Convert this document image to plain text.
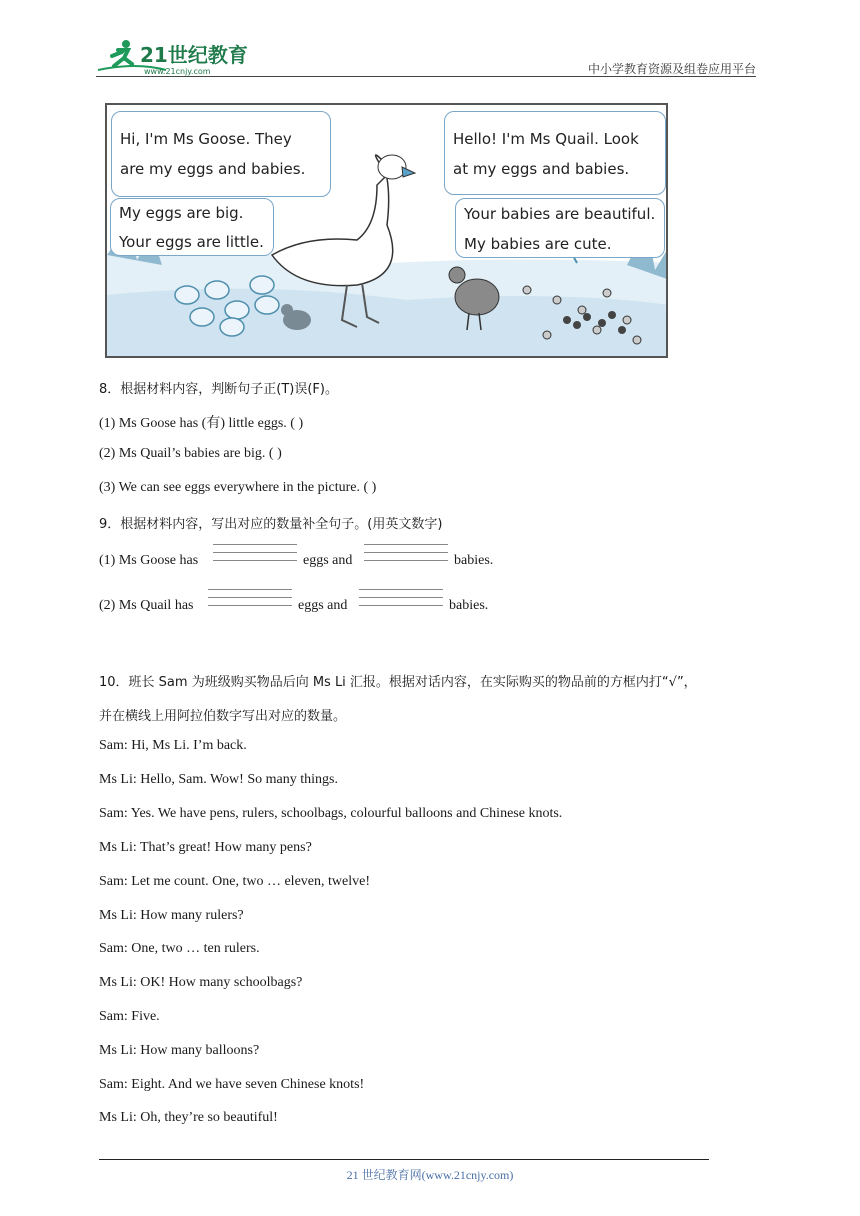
21世纪教育
www.21cnjy.com	中小学教育资源及组卷应用平台
Hi, I'm Ms Goose. They
are my eggs and babies.
My eggs are big.
Your eggs are little.
Hello! I'm Ms Quail. Look
at my eggs and babies.
Your babies are beautiful.
My babies are cute.
8．根据材料内容，判断句子正(T)误(F)。
(1) Ms Goose has (有) little eggs. ( )
(2) Ms Quail’s babies are big. ( )
(3) We can see eggs everywhere in the picture. ( )
9．根据材料内容，写出对应的数量补全句子。(用英文数字)
(1) Ms Goose has	eggs and	babies.
(2) Ms Quail has	eggs and	babies.
10．班长 Sam 为班级购买物品后向 Ms Li 汇报。根据对话内容，在实际购买的物品前的方框内打“√”，
并在横线上用阿拉伯数字写出对应的数量。
Sam: Hi, Ms Li. I’m back.
Ms Li: Hello, Sam. Wow! So many things.
Sam: Yes. We have pens, rulers, schoolbags, colourful balloons and Chinese knots.
Ms Li: That’s great! How many pens?
Sam: Let me count. One, two … eleven, twelve!
Ms Li: How many rulers?
Sam: One, two … ten rulers.
Ms Li: OK! How many schoolbags?
Sam: Five.
Ms Li: How many balloons?
Sam: Eight. And we have seven Chinese knots!
Ms Li: Oh, they’re so beautiful!
21 世纪教育网(www.21cnjy.com)
